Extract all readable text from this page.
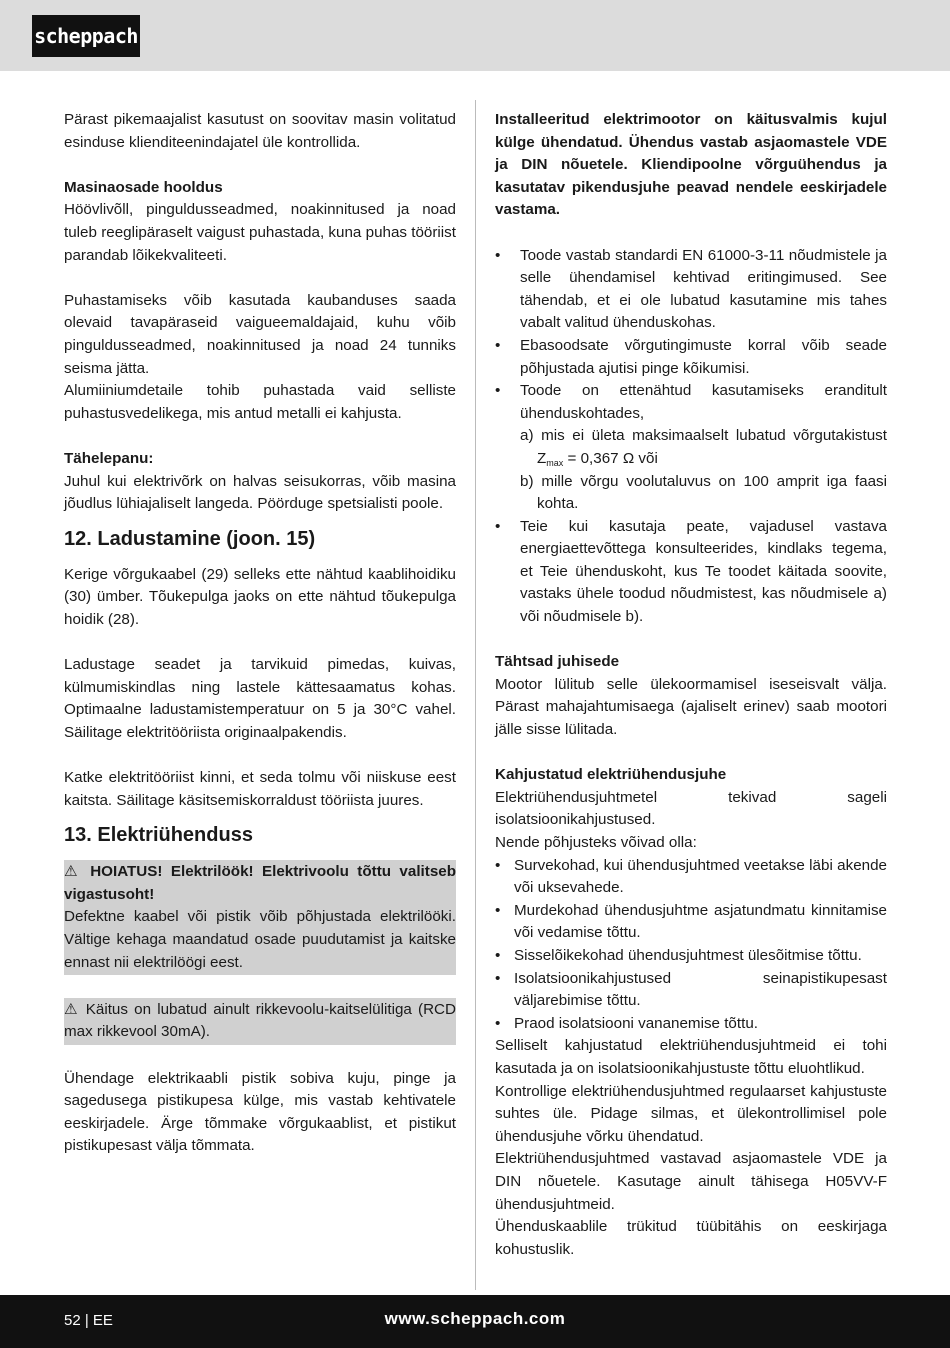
scheppach

Pärast pikemaajalist kasutust on soovitav masin volitatud esinduse klienditeenindajatel üle kontrollida.

Masinaosade hooldus

Höövlivõll, pinguldusseadmed, noakinnitused ja noad tuleb reeglipäraselt vaigust puhastada, kuna puhas tööriist parandab lõikekvaliteeti.

Puhastamiseks võib kasutada kaubanduses saada olevaid tavapäraseid vaigueemaldajaid, kuhu võib pinguldusseadmed, noakinnitused ja noad 24 tunniks seisma jätta.

Alumiiniumdetaile tohib puhastada vaid selliste puhastusvedelikega, mis antud metalli ei kahjusta.

Tähelepanu:

Juhul kui elektrivõrk on halvas seisukorras, võib masina jõudlus lühiajaliselt langeda. Pöörduge spetsialisti poole.

12. Ladustamine (joon. 15)

Kerige võrgukaabel (29) selleks ette nähtud kaablihoidiku (30) ümber. Tõukepulga jaoks on ette nähtud tõukepulga hoidik (28).

Ladustage seadet ja tarvikuid pimedas, kuivas, külmumiskindlas ning lastele kättesaamatus kohas. Optimaalne ladustamistemperatuur on 5 ja 30°C vahel. Säilitage elektritööriista originaalpakendis.

Katke elektritööriist kinni, et seda tolmu või niiskuse eest kaitsta. Säilitage käsitsemiskorraldust tööriista juures.

13. Elektriühenduss

⚠ HOIATUS! Elektrilöök! Elektrivoolu tõttu valitseb vigastusoht!

Defektne kaabel või pistik võib põhjustada elektrilööki. Vältige kehaga maandatud osade puudutamist ja kaitske ennast nii elektrilöögi eest.

⚠ Käitus on lubatud ainult rikkevoolu-kaitselülitiga (RCD max rikkevool 30mA).

Ühendage elektrikaabli pistik sobiva kuju, pinge ja sagedusega pistikupesa külge, mis vastab kehtivatele eeskirjadele. Ärge tõmmake võrgukaablist, et pistikut pistikupesast välja tõmmata.

Installeeritud elektrimootor on käitusvalmis kujul külge ühendatud. Ühendus vastab asjaomastele VDE ja DIN nõuetele. Kliendipoolne võrguühendus ja kasutatav pikendusjuhe peavad nendele eeskirjadele vastama.

• Toode vastab standardi EN 61000-3-11 nõudmistele ja selle ühendamisel kehtivad eritingimused. See tähendab, et ei ole lubatud kasutamine mis tahes vabalt valitud ühenduskohas.
• Ebasoodsate võrgutingimuste korral võib seade põhjustada ajutisi pinge kõikumisi.
• Toode on ettenähtud kasutamiseks eranditult ühenduskohtades,
a) mis ei ületa maksimaalselt lubatud võrgutakistust $Z_{max} = 0,367$ Ω või
b) mille võrgu voolutaluvus on 100 amprit iga faasi kohta.
• Teie kui kasutaja peate, vajadusel vastava energiaettevõttega konsulteerides, kindlaks tegema, et Teie ühenduskoht, kus Te toodet käitada soovite, vastaks ühele toodud nõudmistest, kas nõudmisele a) või nõudmisele b).

Tähtsad juhisede

Mootor lülitub selle ülekoormamisel iseseisvalt välja. Pärast mahajahtumisaega (ajaliselt erinev) saab mootori jälle sisse lülitada.

Kahjustatud elektriühendusjuhe

Elektriühendusjuhtmetel tekivad sageli isolatsioonikahjustused.

Nende põhjusteks võivad olla:

• Survekohad, kui ühendusjuhtmed veetakse läbi akende või uksevahede.
• Murdekohad ühendusjuhtme asjatundmatu kinnitamise või vedamise tõttu.
• Sisselõikekohad ühendusjuhtmest ülesõitmise tõttu.
• Isolatsioonikahjustused seinapistikupesast väljarebimise tõttu.
• Praod isolatsiooni vananemise tõttu.

Selliselt kahjustatud elektriühendusjuhtmeid ei tohi kasutada ja on isolatsioonikahjustuste tõttu eluohtlikud.

Kontrollige elektriühendusjuhtmed regulaarset kahjustuste suhtes üle. Pidage silmas, et ülekontrollimisel pole ühendusjuhe võrku ühendatud.

Elektriühendusjuhtmed vastavad asjaomastele VDE ja DIN nõuetele. Kasutage ainult tähisega H05VV-F ühendusjuhtmeid.

Ühenduskaablile trükitud tüübitähis on eeskirjaga kohustuslik.

52 | EE	www.scheppach.com
